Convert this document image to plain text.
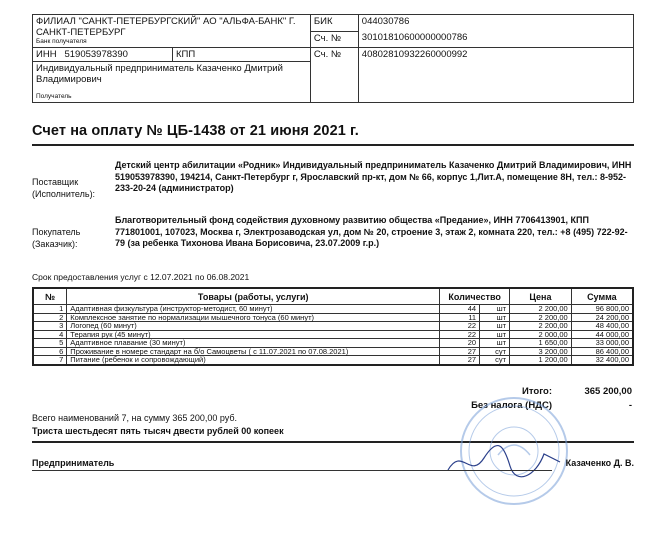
ФИЛИАЛ "САНКТ-ПЕТЕРБУРГСКИЙ" АО "АЛЬФА-БАНК" Г. САНКТ-ПЕТЕРБУРГ
Банк получателя		БИК	044030786
		Сч. №	30101810600000000786
ИНН 519053978390	КПП	Сч. №	40802810932260000992

Индивидуальный предприниматель Казаченко Дмитрий Владимирович
Получатель			
Счет на оплату № ЦБ-1438 от 21 июня 2021 г.
Поставщик (Исполнитель):
Детский центр абилитации «Родник» Индивидуальный предприниматель Казаченко Дмитрий Владимирович, ИНН 519053978390, 194214, Санкт-Петербург г, Ярославский пр-кт, дом № 66, корпус 1,Лит.А, помещение 8Н, тел.: 8-952-233-20-24 (администратор)
Покупатель (Заказчик):
Благотворительный фонд содействия духовному развитию общества «Предание», ИНН 7706413901, КПП 771801001, 107023, Москва г, Электрозаводская ул, дом № 20, строение 3, этаж 2, комната 220, тел.: +8 (495) 722-92-79 (за ребенка Тихонова Ивана Борисовича, 23.07.2009 г.р.)
Срок предоставления услуг с 12.07.2021 по 06.08.2021
№	Товары (работы, услуги)	Количество		Цена	Сумма
1	Адаптивная физкультура (инструктор-методист, 60 минут)	44	шт	2 200,00	96 800,00
2	Комплексное занятие по нормализации мышечного тонуса (60 минут)	11	шт	2 200,00	24 200,00
3	Логопед (60 минут)	22	шт	2 200,00	48 400,00
4	Терапия рук (45 минут)	22	шт	2 000,00	44 000,00
5	Адаптивное плавание (30 минут)	20	шт	1 650,00	33 000,00
6	Проживание в номере стандарт на б/о Самоцветы ( с 11.07.2021 по 07.08.2021)	27	сут	3 200,00	86 400,00
7	Питание (ребенок и сопровождающий)	27	сут	1 200,00	32 400,00
Итого:	365 200,00
Без налога (НДС)	-
Всего наименований 7, на сумму 365 200,00 руб.
Триста шестьдесят пять тысяч двести рублей 00 копеек
Предприниматель	Казаченко Д. В.
